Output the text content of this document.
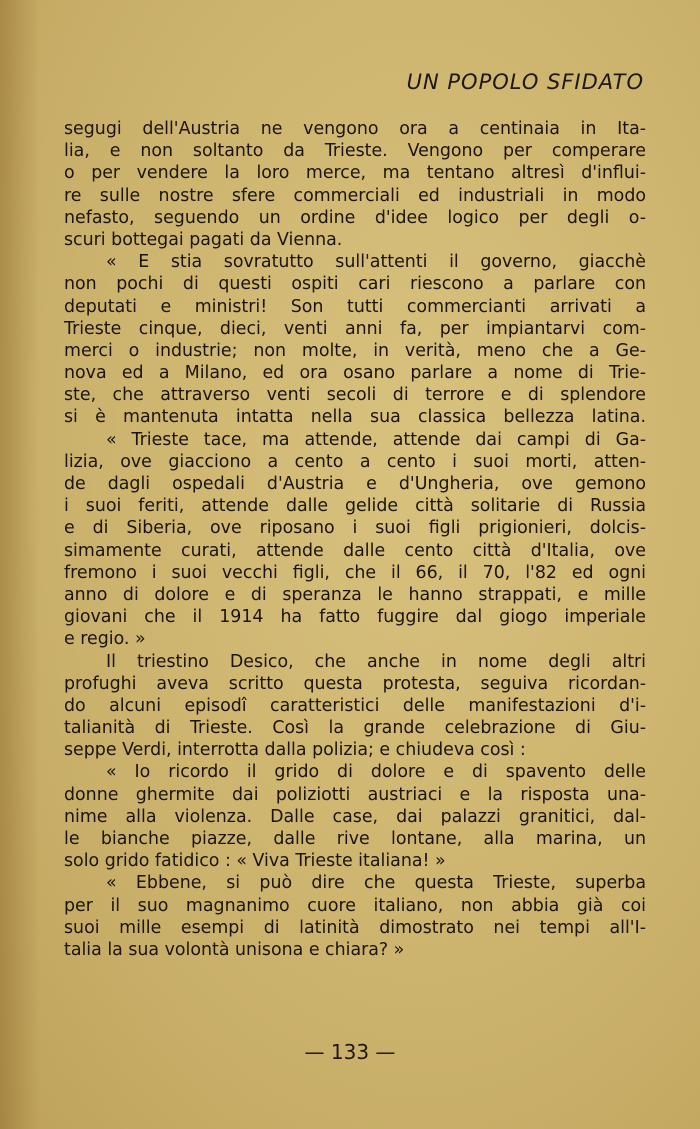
UN POPOLO SFIDATO
segugi dell'Austria ne vengono ora a centinaia in Ita-
lia, e non soltanto da Trieste. Vengono per comperare
o per vendere la loro merce, ma tentano altresì d'influi-
re sulle nostre sfere commerciali ed industriali in modo
nefasto, seguendo un ordine d'idee logico per degli o-
scuri bottegai pagati da Vienna.
« E stia sovratutto sull'attenti il governo, giacchè
non pochi di questi ospiti cari riescono a parlare con
deputati e ministri! Son tutti commercianti arrivati a
Trieste cinque, dieci, venti anni fa, per impiantarvi com-
merci o industrie; non molte, in verità, meno che a Ge-
nova ed a Milano, ed ora osano parlare a nome di Trie-
ste, che attraverso venti secoli di terrore e di splendore
si è mantenuta intatta nella sua classica bellezza latina.
« Trieste tace, ma attende, attende dai campi di Ga-
lizia, ove giacciono a cento a cento i suoi morti, atten-
de dagli ospedali d'Austria e d'Ungheria, ove gemono
i suoi feriti, attende dalle gelide città solitarie di Russia
e di Siberia, ove riposano i suoi figli prigionieri, dolcis-
simamente curati, attende dalle cento città d'Italia, ove
fremono i suoi vecchi figli, che il 66, il 70, l'82 ed ogni
anno di dolore e di speranza le hanno strappati, e mille
giovani che il 1914 ha fatto fuggire dal giogo imperiale
e regio. »
Il triestino Desico, che anche in nome degli altri
profughi aveva scritto questa protesta, seguiva ricordan-
do alcuni episodî caratteristici delle manifestazioni d'i-
talianità di Trieste. Così la grande celebrazione di Giu-
seppe Verdi, interrotta dalla polizia; e chiudeva così :
« Io ricordo il grido di dolore e di spavento delle
donne ghermite dai poliziotti austriaci e la risposta una-
nime alla violenza. Dalle case, dai palazzi granitici, dal-
le bianche piazze, dalle rive lontane, alla marina, un
solo grido fatidico : « Viva Trieste italiana! »
« Ebbene, si può dire che questa Trieste, superba
per il suo magnanimo cuore italiano, non abbia già coi
suoi mille esempi di latinità dimostrato nei tempi all'I-
talia la sua volontà unisona e chiara? »
— 133 —
